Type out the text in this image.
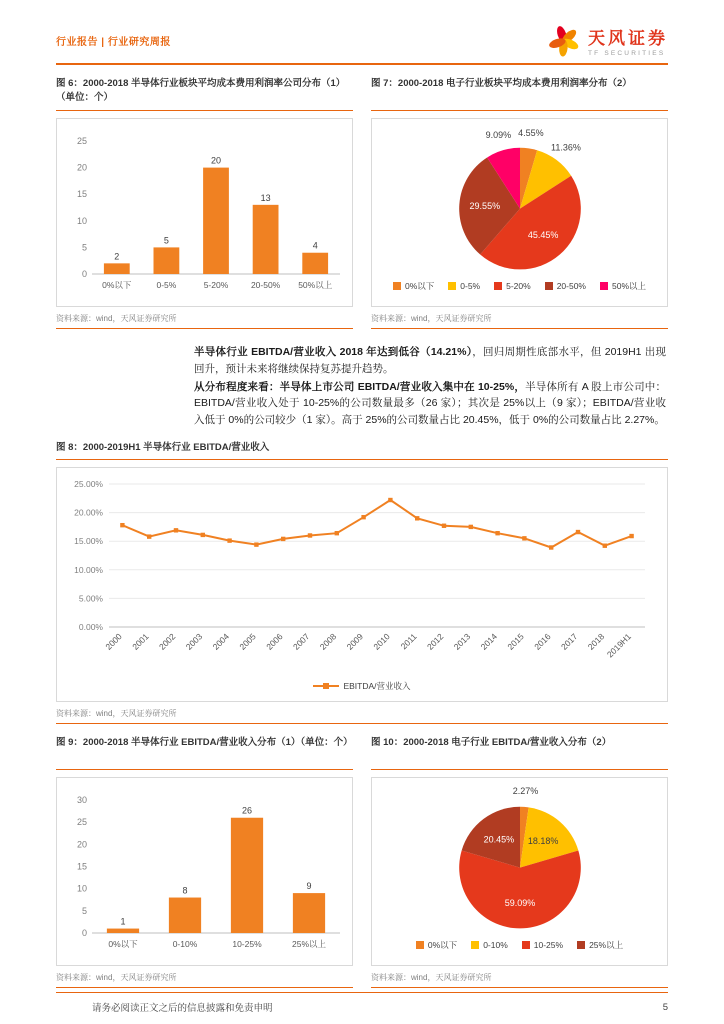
行业报告 | 行业研究周报	天风证券
TF SECURITIES
图 6：2000-2018 半导体行业板块平均成本费用利润率公司分布（1）（单位：个）
0
5
10
15
20
25
2
0%以下
5
0-5%
20
5-20%
13
20-50%
4
50%以上
资料来源：wind，天风证券研究所
图 7：2000-2018 电子行业板块平均成本费用利润率分布（2）
4.55%
11.36%
45.45%
29.55%
9.09%
0%以下	0-5%	5-20%	20-50%	50%以上
资料来源：wind，天风证券研究所

半导体行业 EBITDA/营业收入 2018 年达到低谷（14.21%），回归周期性底部水平，但 2019H1 出现回升，预计未来将继续保持复苏提升趋势。

从分布程度来看：半导体上市公司 EBITDA/营业收入集中在 10-25%，半导体所有 A 股上市公司中：EBITDA/营业收入处于 10-25%的公司数量最多（26 家）；其次是 25%以上（9 家）；EBITDA/营业收入低于 0%的公司较少（1 家）。高于 25%的公司数量占比 20.45%，低于 0%的公司数量占比 2.27%。

图 8：2000-2019H1 半导体行业 EBITDA/营业收入
0.00%
5.00%
10.00%
15.00%
20.00%
25.00%
2000 2001 2002 2003 2004 2005 2006 2007 2008 2009 2010 2011 2012 2013 2014 2015 2016 2017 2018
2019H1
EBITDA/营业收入
资料来源：wind，天风证券研究所
图 9：2000-2018 半导体行业 EBITDA/营业收入分布（1）（单位：个）
0
5
10
15
20
25
30
1
0%以下
8
0-10%
26
10-25%
9
25%以上
资料来源：wind，天风证券研究所
图 10：2000-2018 电子行业 EBITDA/营业收入分布（2）
2.27%
18.18%
59.09%
20.45%
0%以下	0-10%	10-25%	25%以上
资料来源：wind，天风证券研究所
请务必阅读正文之后的信息披露和免责申明	5
